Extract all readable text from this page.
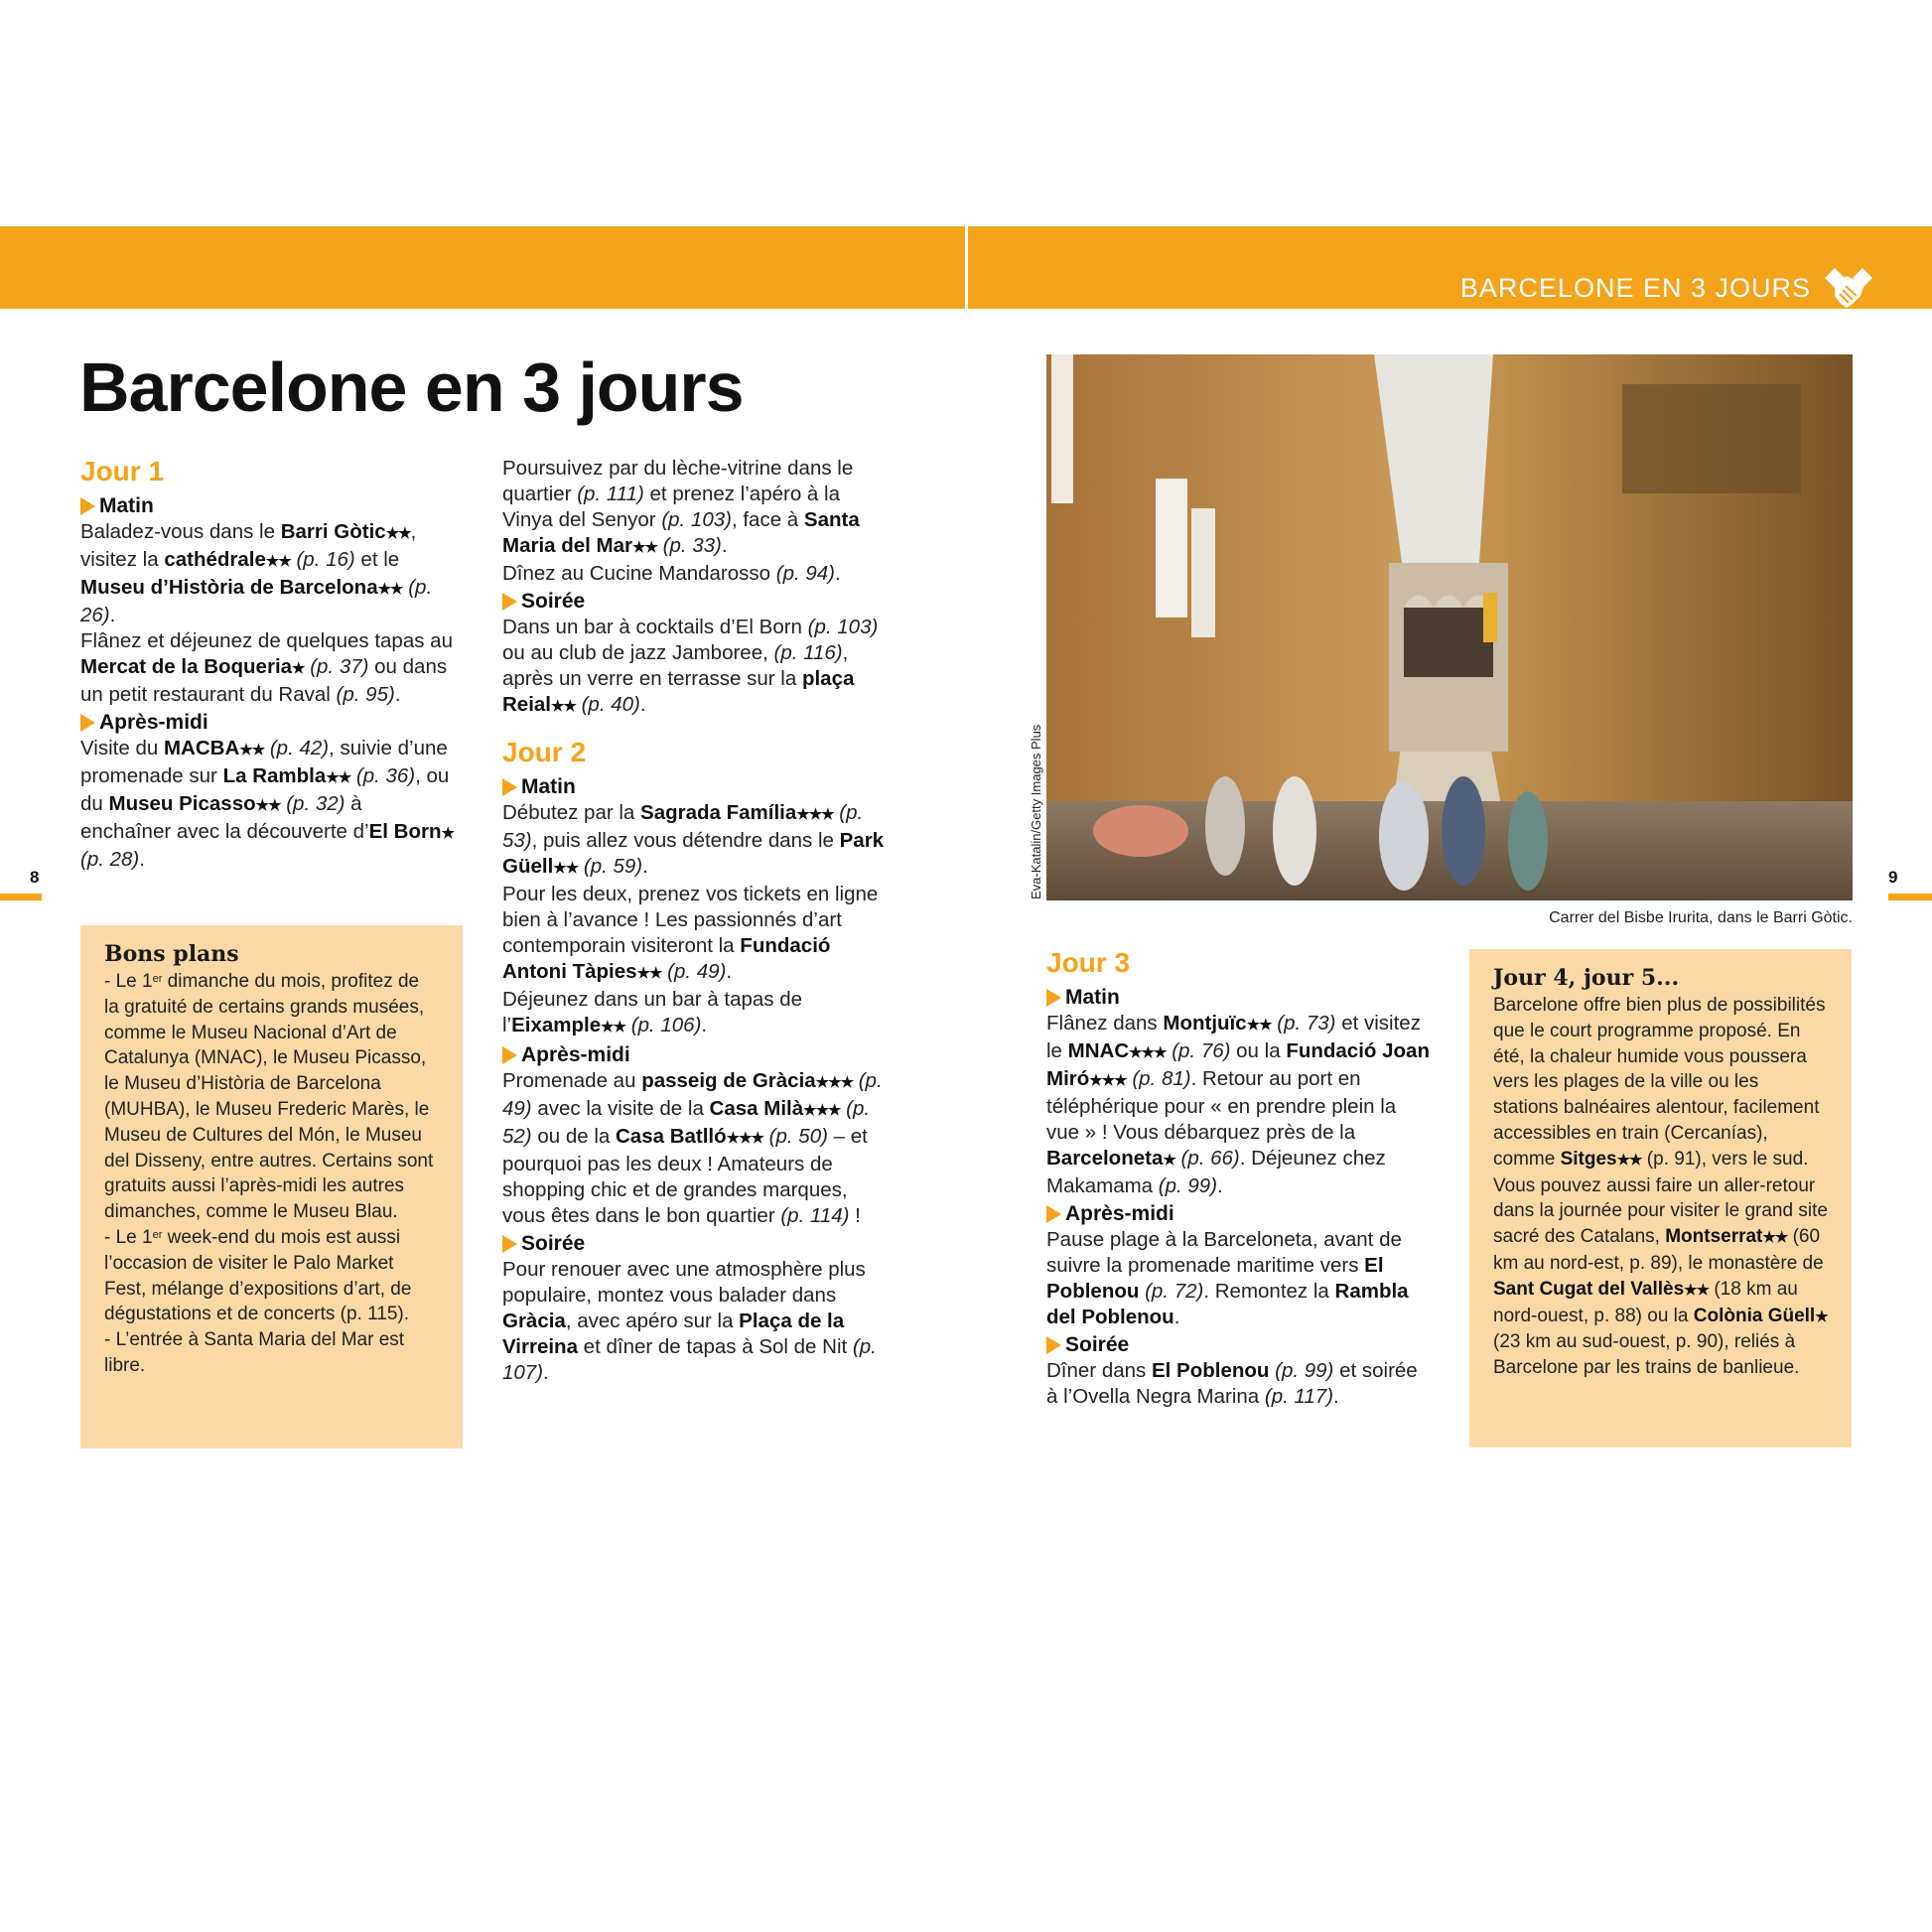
BARCELONE EN 3 JOURS
Barcelone en 3 jours
Jour 1
Matin
Baladez-vous dans le Barri Gòtic★★, visitez la cathédrale★★ (p. 16) et le Museu d’Història de Barcelona★★ (p. 26).
Flânez et déjeunez de quelques tapas au Mercat de la Boqueria★ (p. 37) ou dans un petit restaurant du Raval (p. 95).
Après-midi
Visite du MACBA★★ (p. 42), suivie d’une promenade sur La Rambla★★ (p. 36), ou du Museu Picasso★★ (p. 32) à enchaîner avec la découverte d’El Born★ (p. 28).
Bons plans
- Le 1er dimanche du mois, profitez de la gratuité de certains grands musées, comme le Museu Nacional d’Art de Catalunya (MNAC), le Museu Picasso, le Museu d’Història de Barcelona (MUHBA), le Museu Frederic Marès, le Museu de Cultures del Món, le Museu del Disseny, entre autres. Certains sont gratuits aussi l’après-midi les autres dimanches, comme le Museu Blau.
- Le 1er week-end du mois est aussi l’occasion de visiter le Palo Market Fest, mélange d’expositions d’art, de dégustations et de concerts (p. 115).
- L’entrée à Santa Maria del Mar est libre.
Poursuivez par du lèche-vitrine dans le quartier (p. 111) et prenez l’apéro à la Vinya del Senyor (p. 103), face à Santa Maria del Mar★★ (p. 33).
Dînez au Cucine Mandarosso (p. 94).
Soirée
Dans un bar à cocktails d’El Born (p. 103) ou au club de jazz Jamboree, (p. 116), après un verre en terrasse sur la plaça Reial★★ (p. 40).
Jour 2
Matin
Débutez par la Sagrada Família★★★ (p. 53), puis allez vous détendre dans le Park Güell★★ (p. 59).
Pour les deux, prenez vos tickets en ligne bien à l’avance ! Les passionnés d’art contemporain visiteront la Fundació Antoni Tàpies★★ (p. 49).
Déjeunez dans un bar à tapas de l’Eixample★★ (p. 106).
Après-midi
Promenade au passeig de Gràcia★★★ (p. 49) avec la visite de la Casa Milà★★★ (p. 52) ou de la Casa Batlló★★★ (p. 50) – et pourquoi pas les deux ! Amateurs de shopping chic et de grandes marques, vous êtes dans le bon quartier (p. 114) !
Soirée
Pour renouer avec une atmosphère plus populaire, montez vous balader dans Gràcia, avec apéro sur la Plaça de la Virreina et dîner de tapas à Sol de Nit (p. 107).
Eva-Katalin/Getty Images Plus
Carrer del Bisbe Irurita, dans le Barri Gòtic.
Jour 3
Matin
Flânez dans Montjuïc★★ (p. 73) et visitez le MNAC★★★ (p. 76) ou la Fundació Joan Miró★★★ (p. 81). Retour au port en téléphérique pour « en prendre plein la vue » ! Vous débarquez près de la Barceloneta★ (p. 66). Déjeunez chez Makamama (p. 99).
Après-midi
Pause plage à la Barceloneta, avant de suivre la promenade maritime vers El Poblenou (p. 72). Remontez la Rambla del Poblenou.
Soirée
Dîner dans El Poblenou (p. 99) et soirée à l’Ovella Negra Marina (p. 117).
Jour 4, jour 5...
Barcelone offre bien plus de possibilités que le court programme proposé. En été, la chaleur humide vous poussera vers les plages de la ville ou les stations balnéaires alentour, facilement accessibles en train (Cercanías), comme Sitges★★ (p. 91), vers le sud.
Vous pouvez aussi faire un aller-retour dans la journée pour visiter le grand site sacré des Catalans, Montserrat★★ (60 km au nord-est, p. 89), le monastère de Sant Cugat del Vallès★★ (18 km au nord-ouest, p. 88) ou la Colònia Güell★ (23 km au sud-ouest, p. 90), reliés à Barcelone par les trains de banlieue.
8	9
